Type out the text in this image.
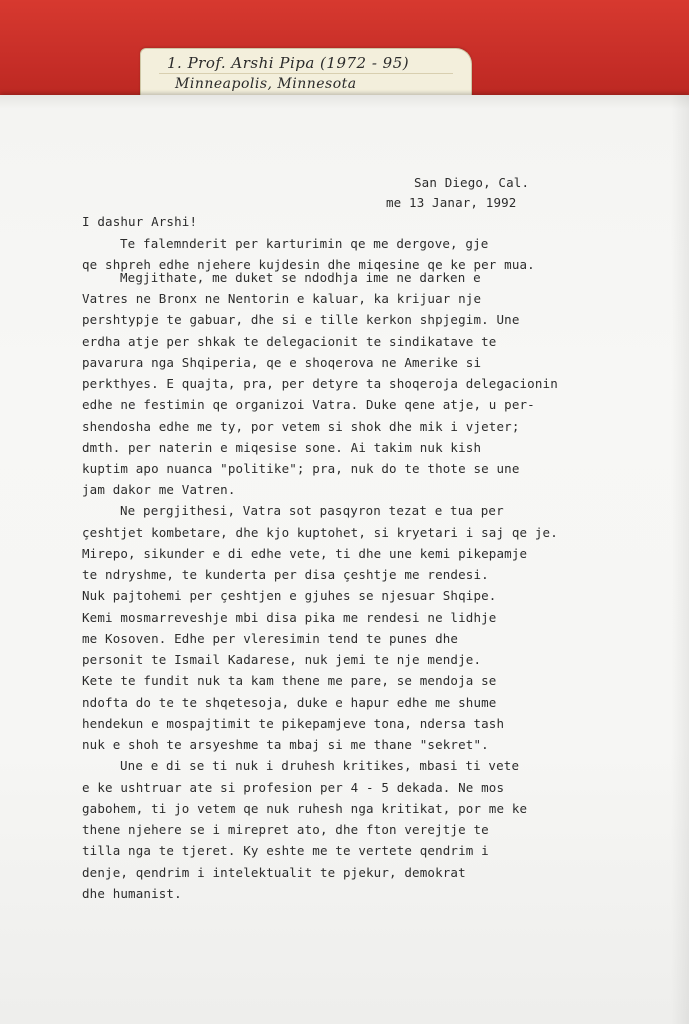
1. Prof. Arshi Pipa (1972 - 95)
Minneapolis, Minnesota
San Diego, Cal.
me 13 Janar, 1992
I dashur Arshi!
Te falemnderit per karturimin qe me dergove, gje
qe shpreh edhe njehere kujdesin dhe miqesine qe ke per mua.
Megjithate, me duket se ndodhja ime ne darken e
Vatres ne Bronx ne Nentorin e kaluar, ka krijuar nje
pershtypje te gabuar, dhe si e tille kerkon shpjegim. Une
erdha atje per shkak te delegacionit te sindikatave te
pavarura nga Shqiperia, qe e shoqerova ne Amerike si
perkthyes. E quajta, pra, per detyre ta shoqeroja delegacionin
edhe ne festimin qe organizoi Vatra. Duke qene atje, u per-
shendosha edhe me ty, por vetem si shok dhe mik i vjeter;
dmth. per naterin e miqesise sone. Ai takim nuk kish
kuptim apo nuanca "politike"; pra, nuk do te thote se une
jam dakor me Vatren.
Ne pergjithesi, Vatra sot pasqyron tezat e tua per
çeshtjet kombetare, dhe kjo kuptohet, si kryetari i saj qe je.
Mirepo, sikunder e di edhe vete, ti dhe une kemi pikepamje
te ndryshme, te kunderta per disa çeshtje me rendesi.
Nuk pajtohemi per çeshtjen e gjuhes se njesuar Shqipe.
Kemi mosmarreveshje mbi disa pika me rendesi ne lidhje
me Kosoven. Edhe per vleresimin tend te punes dhe
personit te Ismail Kadarese, nuk jemi te nje mendje.
Kete te fundit nuk ta kam thene me pare, se mendoja se
ndofta do te te shqetesoja, duke e hapur edhe me shume
hendekun e mospajtimit te pikepamjeve tona, ndersa tash
nuk e shoh te arsyeshme ta mbaj si me thane "sekret".
Une e di se ti nuk i druhesh kritikes, mbasi ti vete
e ke ushtruar ate si profesion per 4 - 5 dekada. Ne mos
gabohem, ti jo vetem qe nuk ruhesh nga kritikat, por me ke
thene njehere se i mirepret ato, dhe fton verejtje te
tilla nga te tjeret. Ky eshte me te vertete qendrim i
denje, qendrim i intelektualit te pjekur, demokrat
dhe humanist.
